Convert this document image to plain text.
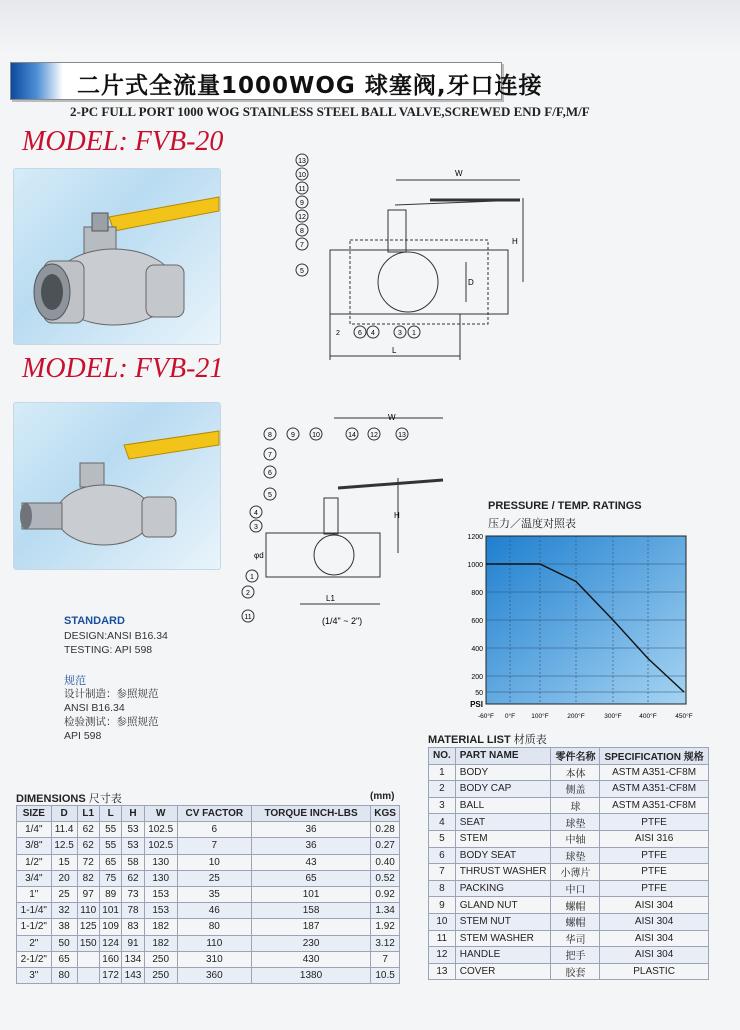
二片式全流量1000WOG 球塞阀,牙口连接
2-PC FULL PORT 1000 WOG STAINLESS STEEL BALL VALVE,SCREWED END F/F,M/F
MODEL: FVB-20
MODEL: FVB-21
W
H
D
L
13
10
11
9
12
8
7
5
2	6 4	3 1
W
H
φd
L1
(1/4" ~ 2")
8	9 10	14 12	13
7
6
5
4
3
2
1
11
STANDARD
DESIGN:ANSI B16.34
TESTING: API 598
规范
设计制造：参照规范
ANSI B16.34
检验测试：参照规范
API 598
PRESSURE / TEMP. RATINGS
压力／温度对照表
1200
1000
800
600
400
200
50
PSI
-60°F 0°F 100°F	200°F	300°F	400°F	450°F
DIMENSIONS 尺寸表	(mm)
SIZE	D	L1	L	H	W	CV FACTOR	TORQUE INCH-LBS	KGS
1/4"	11.4	62	55	53	102.5	6	36	0.28
3/8"	12.5	62	55	53	102.5	7	36	0.27
1/2"	15	72	65	58	130	10	43	0.40
3/4"	20	82	75	62	130	25	65	0.52
1"	25	97	89	73	153	35	101	0.92
1-1/4"	32	110	101	78	153	46	158	1.34
1-1/2"	38	125	109	83	182	80	187	1.92
2"	50	150	124	91	182	110	230	3.12
2-1/2"	65		160	134	250	310	430	7
3"	80		172	143	250	360	1380	10.5
MATERIAL LIST 材质表
NO.	PART NAME	零件名称	SPECIFICATION 规格
1	BODY	本体	ASTM A351-CF8M
2	BODY CAP	侧盖	ASTM A351-CF8M
3	BALL	球	ASTM A351-CF8M
4	SEAT	球垫	PTFE
5	STEM	中轴	AISI 316
6	BODY SEAT	球垫	PTFE
7	THRUST WASHER	小薄片	PTFE
8	PACKING	中口	PTFE
9	GLAND NUT	螺帽	AISI 304
10	STEM NUT	螺帽	AISI 304
11	STEM WASHER	华司	AISI 304
12	HANDLE	把手	AISI 304
13	COVER	胶套	PLASTIC
